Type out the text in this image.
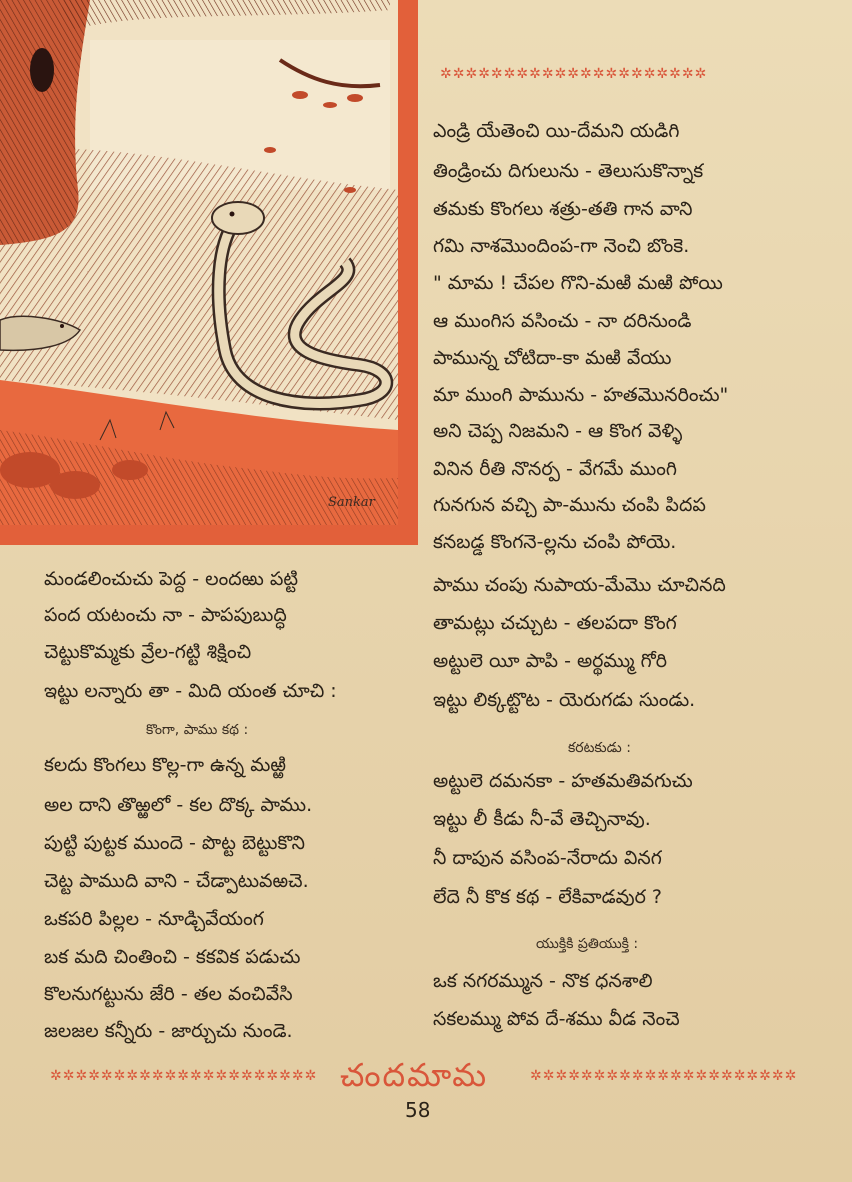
Sankar
✲✲✲✲✲✲✲✲✲✲✲✲✲✲✲✲✲✲✲✲✲
ఎండ్రి యేతెంచి యి-దేమని యడిగి
తిండ్రించు దిగులును - తెలుసుకొన్నాక
తమకు కొంగలు శత్రు-తతి గాన వాని
గమి నాశమొందింప-గా నెంచి బొంకె.
" మామ ! చేపల గొని-మఱి మఱి పోయి
ఆ ముంగిస వసించు - నా దరినుండి
పామున్న చోటిదా-కా మఱి వేయు
మా ముంగి పామును - హతమొనరించు"
అని చెప్ప నిజమని - ఆ కొంగ వెళ్ళి
వినిన రీతి నొనర్ప - వేగమే ముంగి
గునగున వచ్చి పా-మును చంపి పిదప
కనబడ్డ కొంగనె-ల్లను చంపి పోయె.
పాము చంపు నుపాయ-మేమొ చూచినది
తామట్లు చచ్చుట - తలపదా కొంగ
అట్టులె యీ పాపి - అర్థమ్ము గోరి
ఇట్టు లిక్కట్టొట - యెరుగడు సుండు.
కరటకుడు :
అట్టులె దమనకా - హతమతివగుచు
ఇట్టు లీ కీడు నీ-వే తెచ్చినావు.
నీ దాపున వసింప-నేరాదు వినగ
లేదె నీ కొక కథ - లేకివాడవుర ?
యుక్తికి ప్రతియుక్తి :
ఒక నగరమ్మున - నొక ధనశాలి
సకలమ్ము పోవ దే-శము వీడ నెంచె
మండలించుచు పెద్ద - లందఱు పట్టి
పంద యటంచు నా - పాపపుబుద్ధి
చెట్టుకొమ్మకు వ్రేల-గట్టి శిక్షించి
ఇట్టు లన్నారు తా - మిది యంత చూచి :
కొంగా, పాము కథ :
కలదు కొంగలు కొల్ల-గా ఉన్న మఱ్ఱి
అల దాని తొఱ్ఱలో - కల దొక్క పాము.
పుట్టి పుట్టక ముందె - పొట్ట బెట్టుకొని
చెట్ట పాముది వాని - చేడ్పాటువఱచె.
ఒకపరి పిల్లల - నూడ్చివేయంగ
బక మది చింతించి - కకవిక పడుచు
కొలనుగట్టును జేరి - తల వంచివేసి
జలజల కన్నీరు - జార్చుచు నుండె.
✲✲✲✲✲✲✲✲✲✲✲✲✲✲✲✲✲✲✲✲✲ చందమామ	✲✲✲✲✲✲✲✲✲✲✲✲✲✲✲✲✲✲✲✲✲
58
